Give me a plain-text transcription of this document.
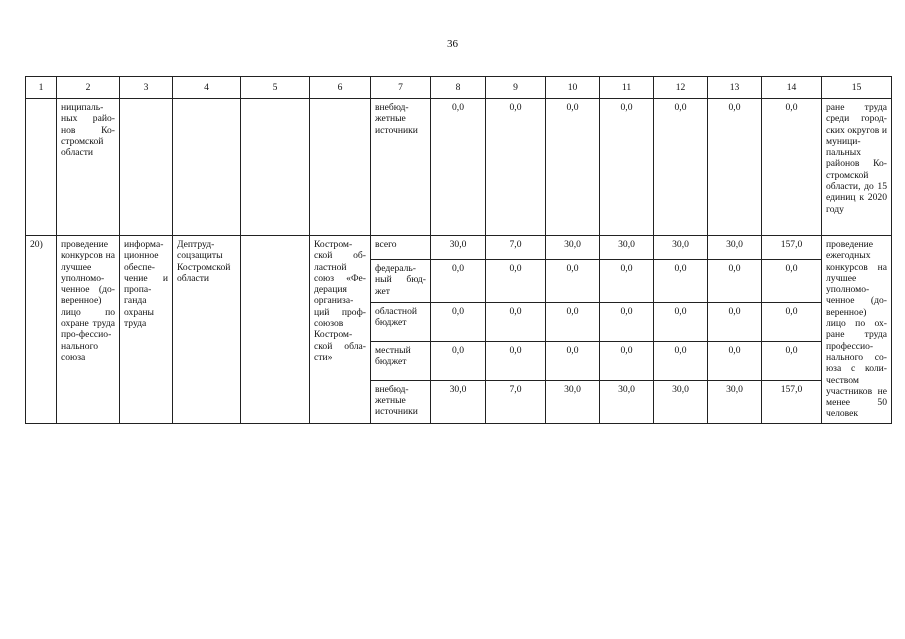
36
1	2	3	4	5	6	7	8	9	10	11	12	13	14	15
	ниципаль-ных райо-нов Ко-стромской области					внебюд-жетные источники	0,0	0,0	0,0	0,0	0,0	0,0	0,0	ране труда среди город-ских округов и муници-пальных районов Ко-стромской области, до 15 единиц к 2020 году
20)	проведение конкурсов на лучшее уполномо-ченное (до-веренное) лицо по охране труда про-фессио-нального союза	информа-ционное обеспе-чение и пропа-ганда охраны труда	Дептруд-соцзащиты Костромской области		Костром-ской об-ластной союз «Фе-дерация организа-ций проф-союзов Костром-ской обла-сти»	всего	30,0	7,0	30,0	30,0	30,0	30,0	157,0	проведение ежегодных конкурсов на лучшее уполномо-ченное (до-веренное) лицо по ох-ране труда профессио-нального со-юза с коли-чеством участников не менее 50 человек
						федераль-ный бюд-жет	0,0	0,0	0,0	0,0	0,0	0,0	0,0	
						областной бюджет	0,0	0,0	0,0	0,0	0,0	0,0	0,0	
						местный бюджет	0,0	0,0	0,0	0,0	0,0	0,0	0,0	
						внебюд-жетные источники	30,0	7,0	30,0	30,0	30,0	30,0	157,0	
